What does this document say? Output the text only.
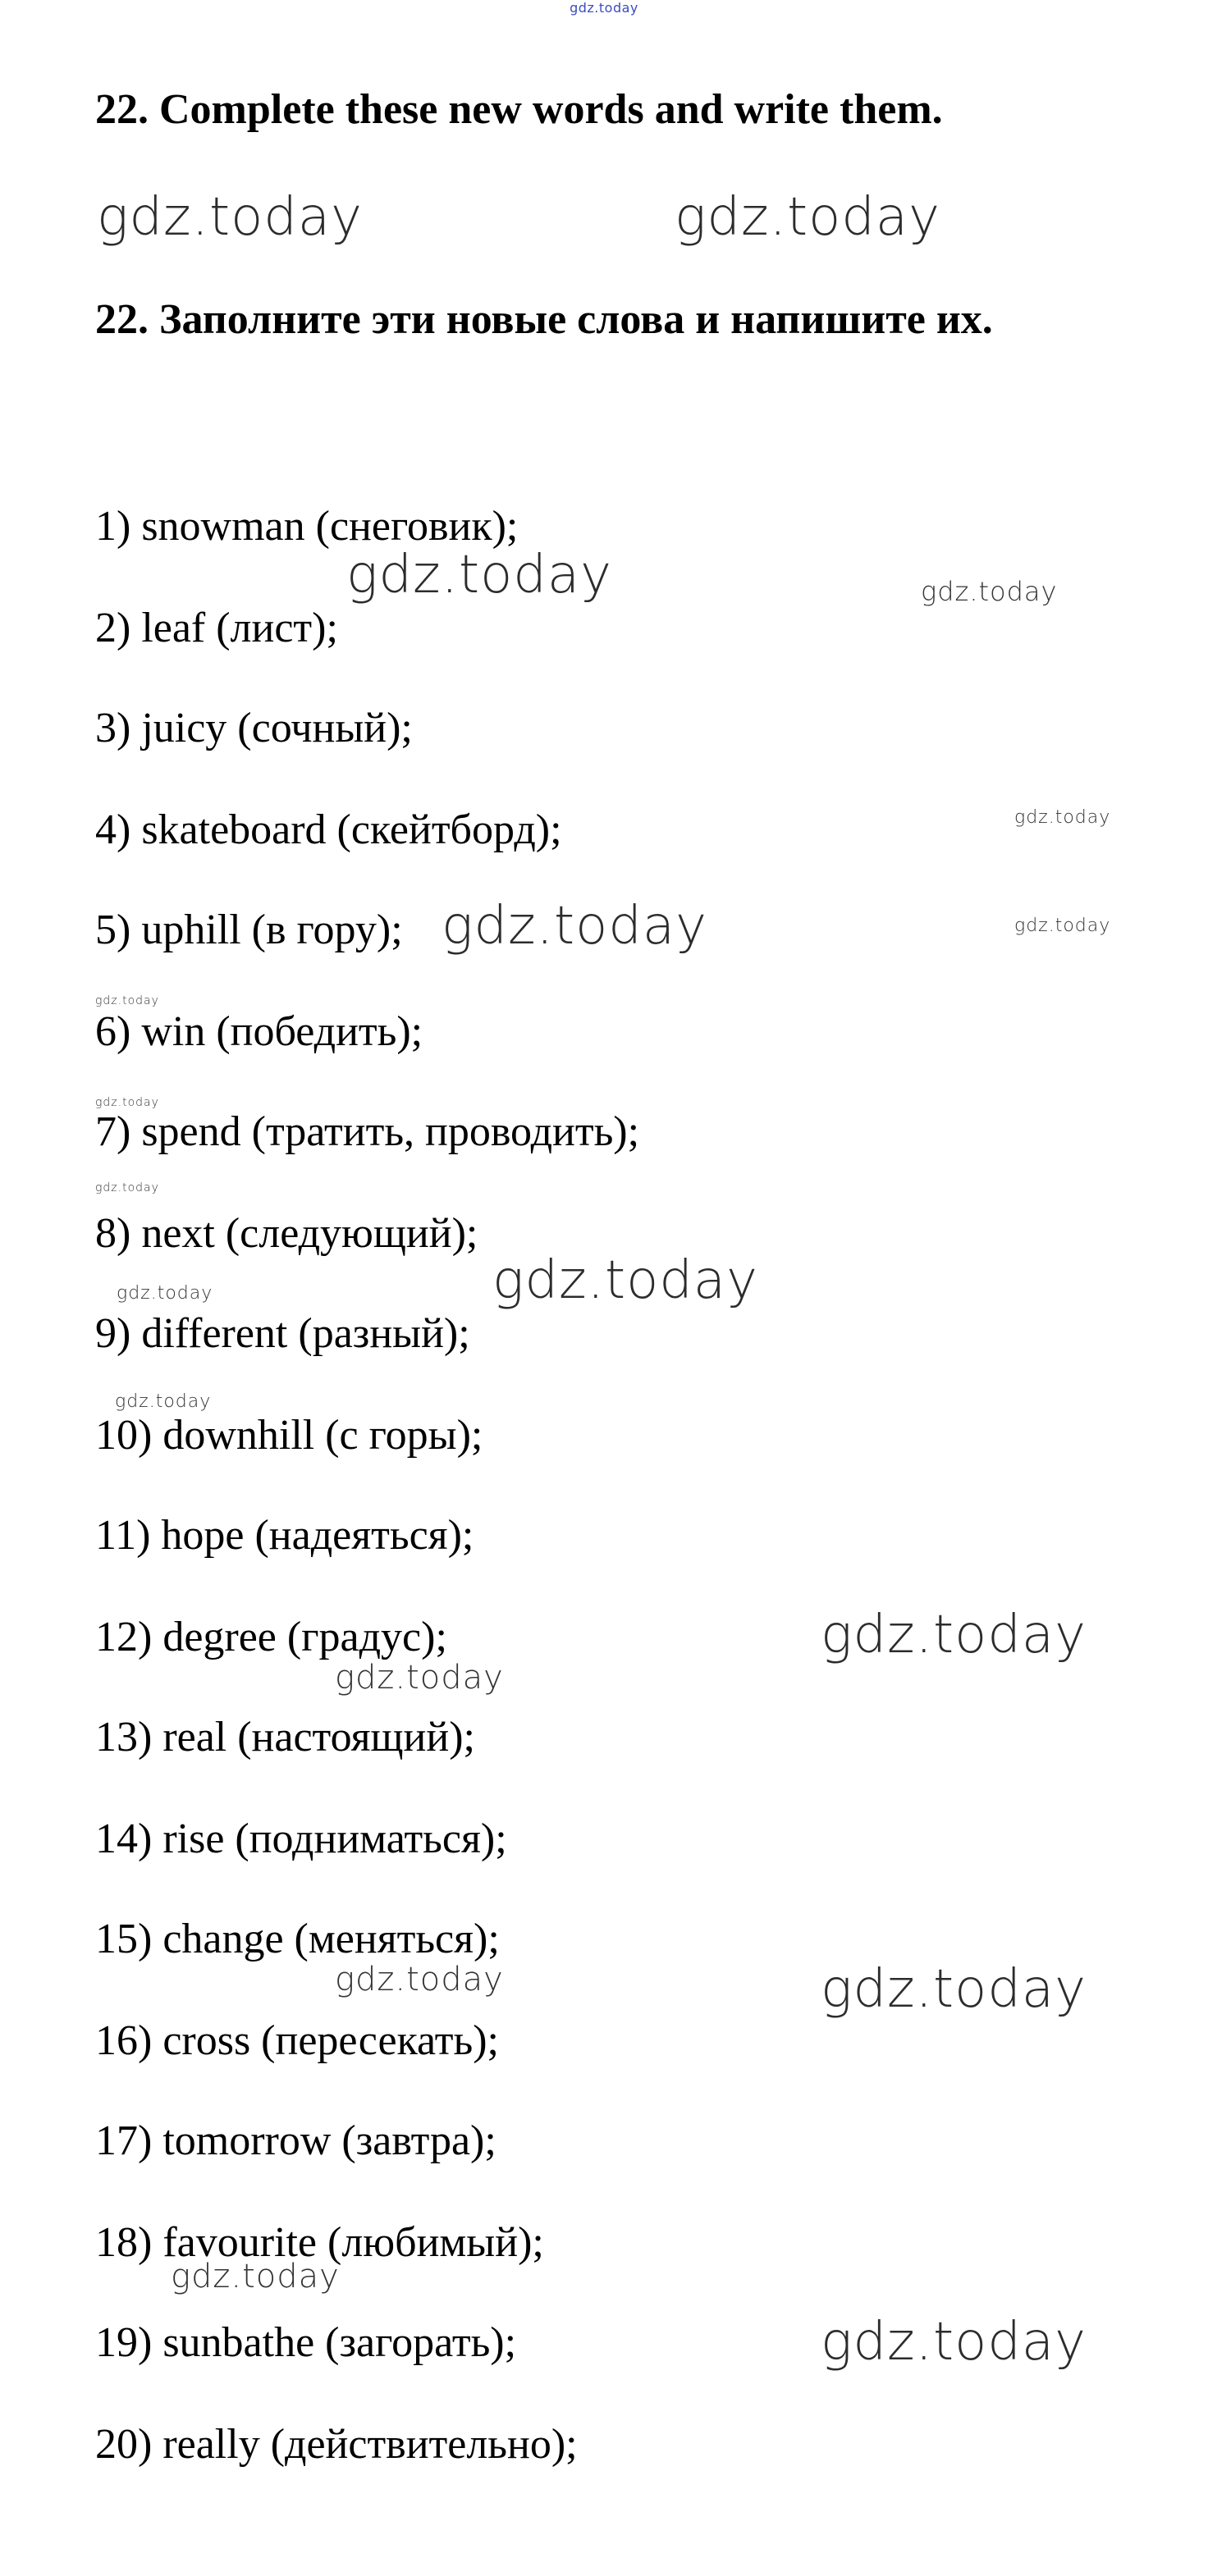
gdz.today
22. Complete these new words and write them.
gdz.today	gdz.today
22. Заполните эти новые слова и напишите их.
1) snowman (снеговик);
2) leaf (лист);
3) juicy (сочный);
4) skateboard (скейтборд);
5) uphill (в гору);
6) win (победить);
7) spend (тратить, проводить);
8) next (следующий);
9) different (разный);
10) downhill (с горы);
11) hope (надеяться);
12) degree (градус);
13) real (настоящий);
14) rise (подниматься);
15) change (меняться);
16) cross (пересекать);
17) tomorrow (завтра);
18) favourite (любимый);
19) sunbathe (загорать);
20) really (действительно);
gdz.today	gdz.today
gdz.today
gdz.today	gdz.today
gdz.today
gdz.today
gdz.today
gdz.today	gdz.today
gdz.today
gdz.today
gdz.today
gdz.today	gdz.today
gdz.today
gdz.today
